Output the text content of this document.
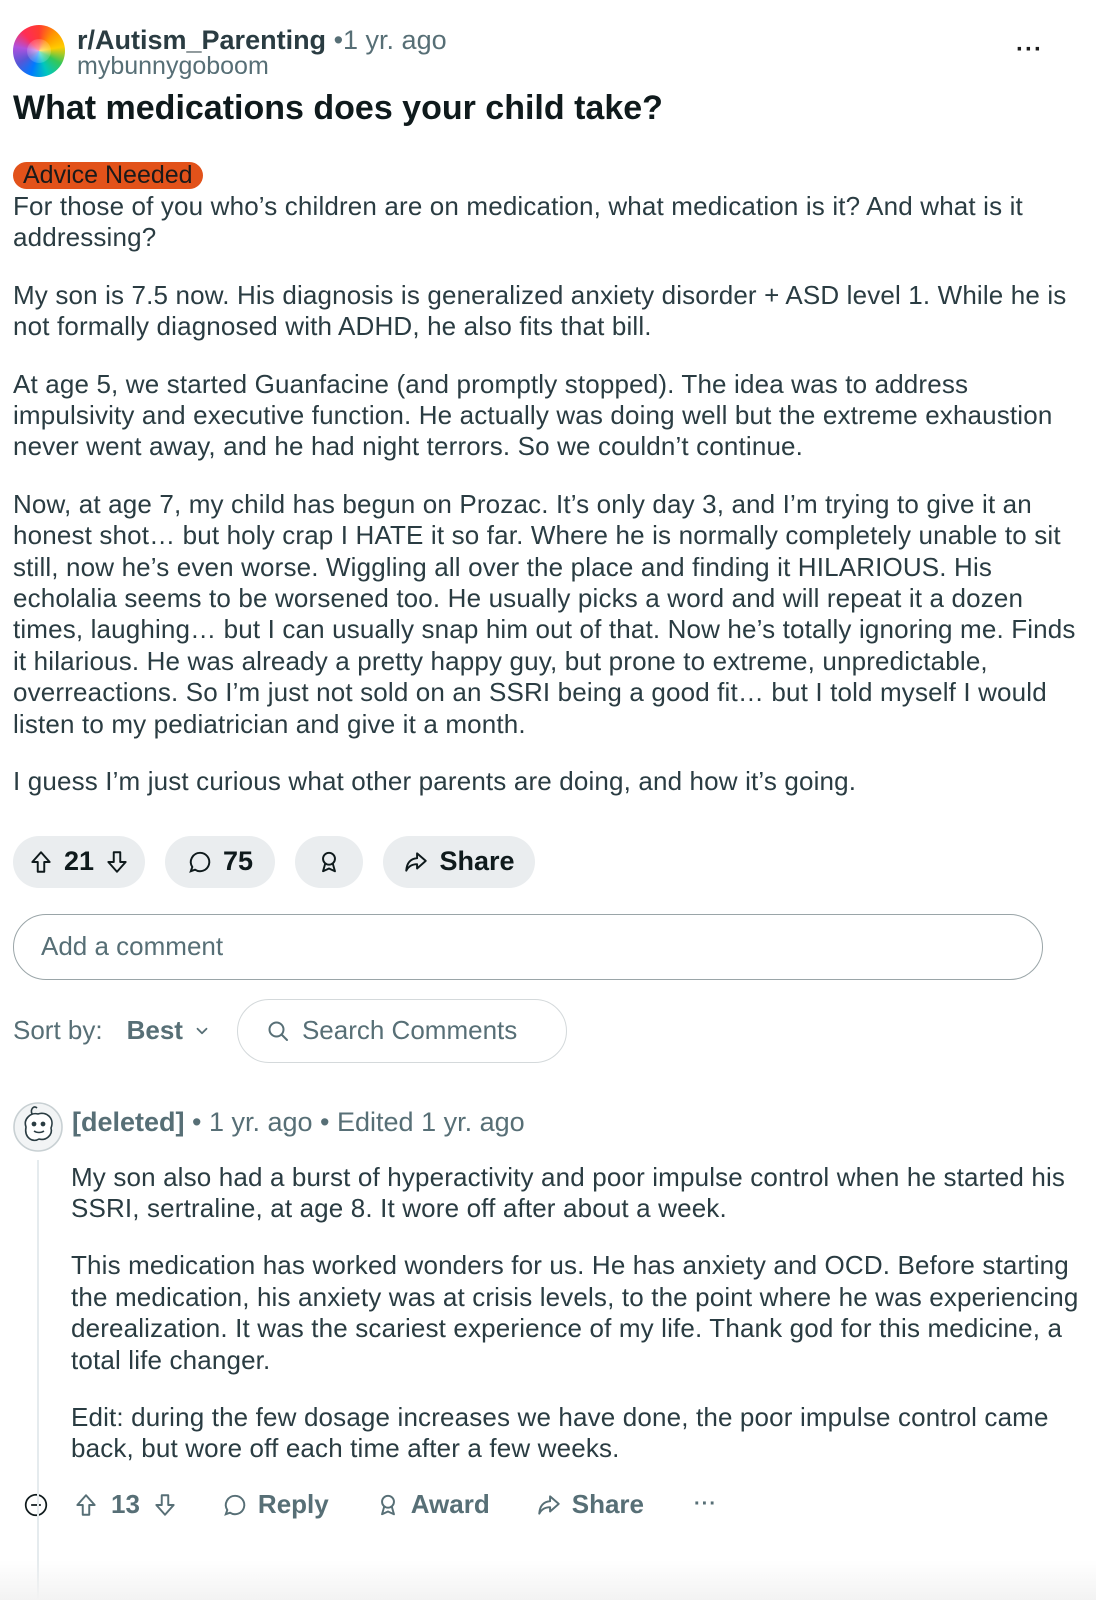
r/Autism_Parenting •1 yr. ago
mybunnygoboom
···
What medications does your child take?
Advice Needed

For those of you who’s children are on medication, what medication is it? And what is it addressing?

My son is 7.5 now. His diagnosis is generalized anxiety disorder + ASD level 1. While he is not formally diagnosed with ADHD, he also fits that bill.

At age 5, we started Guanfacine (and promptly stopped). The idea was to address impulsivity and executive function. He actually was doing well but the extreme exhaustion never went away, and he had night terrors. So we couldn’t continue.

Now, at age 7, my child has begun on Prozac. It’s only day 3, and I’m trying to give it an honest shot… but holy crap I HATE it so far. Where he is normally completely unable to sit still, now he’s even worse. Wiggling all over the place and finding it HILARIOUS. His echolalia seems to be worsened too. He usually picks a word and will repeat it a dozen times, laughing… but I can usually snap him out of that. Now he’s totally ignoring me. Finds it hilarious. He was already a pretty happy guy, but prone to extreme, unpredictable, overreactions. So I’m just not sold on an SSRI being a good fit… but I told myself I would listen to my pediatrician and give it a month.

I guess I’m just curious what other parents are doing, and how it’s going.

21	75	Share
Add a comment
Sort by: Best	Search Comments
[deleted] • 1 yr. ago • Edited 1 yr. ago

My son also had a burst of hyperactivity and poor impulse control when he started his SSRI, sertraline, at age 8. It wore off after about a week.

This medication has worked wonders for us. He has anxiety and OCD. Before starting the medication, his anxiety was at crisis levels, to the point where he was experiencing derealization. It was the scariest experience of my life. Thank god for this medicine, a total life changer.

Edit: during the few dosage increases we have done, the poor impulse control came back, but wore off each time after a few weeks.

13	Reply	Award	Share	···
